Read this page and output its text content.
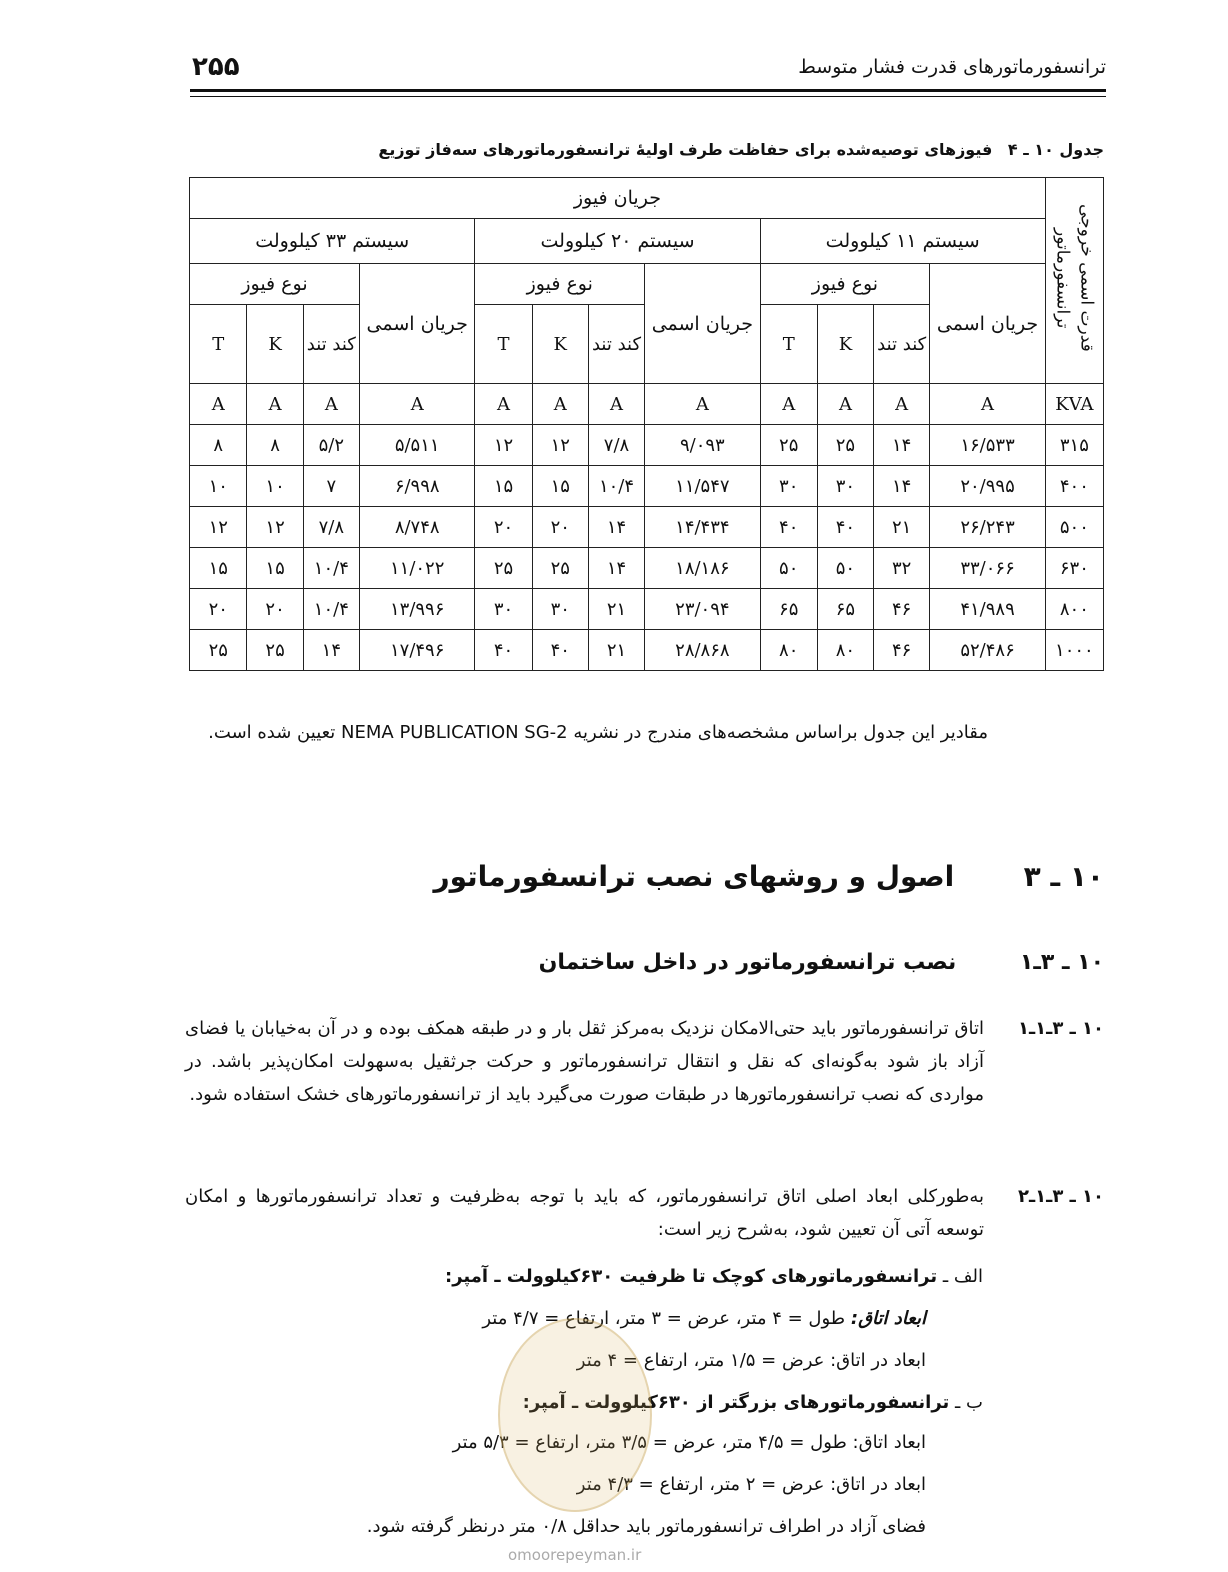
ترانسفورماتورهای قدرت فشار متوسط
۲۵۵
جدول ۱۰ ـ ۴ فیوزهای توصیه‌شده برای حفاظت طرف اولیهٔ ترانسفورماتورهای سه‌فاز توزیع
قدرت اسمی خروجی ترانسفورماتور	جریان فیوز											
	سیستم ۱۱ کیلوولت				سیستم ۲۰ کیلوولت				سیستم ۳۳ کیلوولت			
	جریان اسمی	نوع فیوز			جریان اسمی	نوع فیوز			جریان اسمی	نوع فیوز		
		کند تند	K	T		کند تند	K	T		کند تند	K	T
KVA	A	A	A	A	A	A	A	A	A	A	A	A
۳۱۵	۱۶/۵۳۳	۱۴	۲۵	۲۵	۹/۰۹۳	۷/۸	۱۲	۱۲	۵/۵۱۱	۵/۲	۸	۸
۴۰۰	۲۰/۹۹۵	۱۴	۳۰	۳۰	۱۱/۵۴۷	۱۰/۴	۱۵	۱۵	۶/۹۹۸	۷	۱۰	۱۰
۵۰۰	۲۶/۲۴۳	۲۱	۴۰	۴۰	۱۴/۴۳۴	۱۴	۲۰	۲۰	۸/۷۴۸	۷/۸	۱۲	۱۲
۶۳۰	۳۳/۰۶۶	۳۲	۵۰	۵۰	۱۸/۱۸۶	۱۴	۲۵	۲۵	۱۱/۰۲۲	۱۰/۴	۱۵	۱۵
۸۰۰	۴۱/۹۸۹	۴۶	۶۵	۶۵	۲۳/۰۹۴	۲۱	۳۰	۳۰	۱۳/۹۹۶	۱۰/۴	۲۰	۲۰
۱۰۰۰	۵۲/۴۸۶	۴۶	۸۰	۸۰	۲۸/۸۶۸	۲۱	۴۰	۴۰	۱۷/۴۹۶	۱۴	۲۵	۲۵
مقادیر این جدول براساس مشخصه‌های مندرج در نشریه NEMA PUBLICATION SG-2 تعیین شده است.
۱۰ ـ ۳ اصول و روشهای نصب ترانسفورماتور
۱۰ ـ ۳ـ۱ نصب ترانسفورماتور در داخل ساختمان
۱۰ ـ ۳ـ۱ـ۱
اتاق ترانسفورماتور باید حتی‌الامکان نزدیک به‌مرکز ثقل بار و در طبقه همکف بوده و در آن به‌خیابان یا فضای آزاد باز شود به‌گونه‌ای که نقل و انتقال ترانسفورماتور و حرکت جرثقیل به‌سهولت امکان‌پذیر باشد. در مواردی که نصب ترانسفورماتورها در طبقات صورت می‌گیرد باید از ترانسفورماتورهای خشک استفاده شود.
۱۰ ـ ۳ـ۱ـ۲
به‌طورکلی ابعاد اصلی اتاق ترانسفورماتور، که باید با توجه به‌ظرفیت و تعداد ترانسفورماتورها و امکان توسعه آتی آن تعیین شود، به‌شرح زیر است:
الف ـ ترانسفورماتورهای کوچک تا ظرفیت ۶۳۰کیلوولت ـ آمپر:
ابعاد اتاق: طول = ۴ متر، عرض = ۳ متر، ارتفاع = ۴/۷ متر
ابعاد در اتاق: عرض = ۱/۵ متر، ارتفاع = ۴ متر
ب ـ ترانسفورماتورهای بزرگتر از ۶۳۰کیلوولت ـ آمپر:
ابعاد اتاق: طول = ۴/۵ متر، عرض = ۳/۵ متر، ارتفاع = ۵/۳ متر
ابعاد در اتاق: عرض = ۲ متر، ارتفاع = ۴/۳ متر
فضای آزاد در اطراف ترانسفورماتور باید حداقل ۰/۸ متر درنظر گرفته شود.
omoorepeyman.ir
